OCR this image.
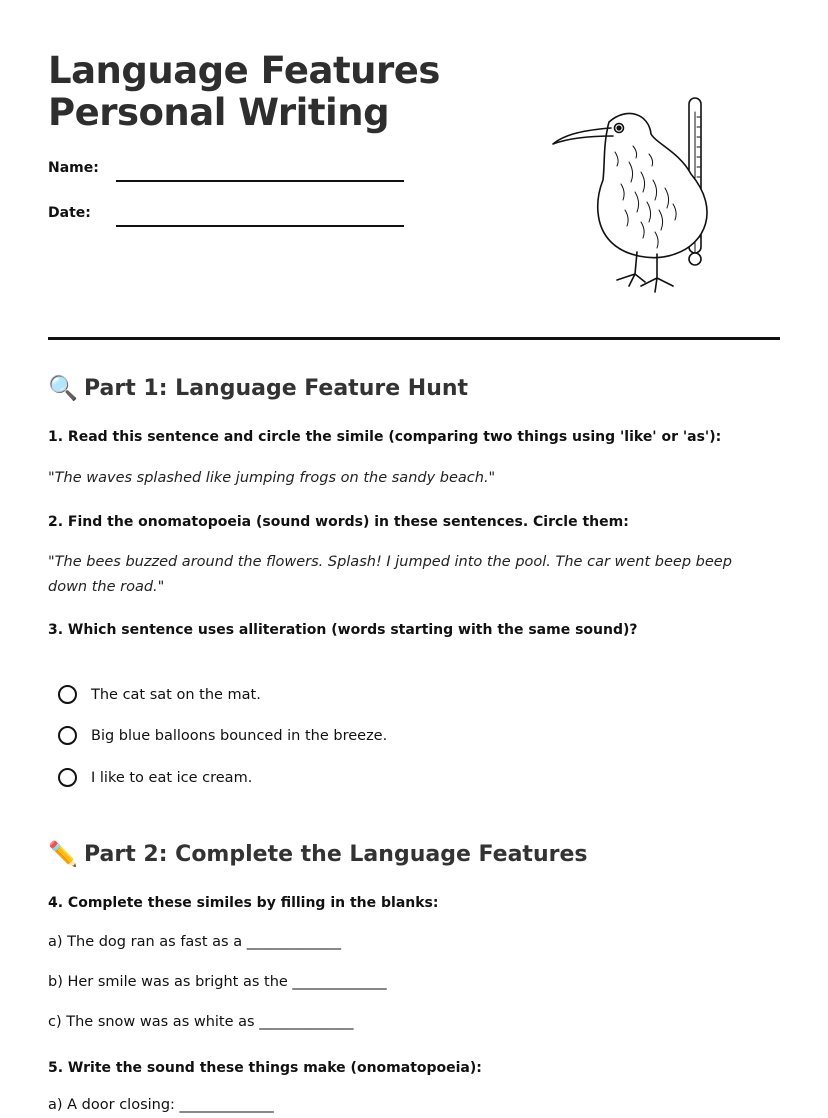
Language Features
Personal Writing
Name:
Date:
🔍 Part 1: Language Feature Hunt

1. Read this sentence and circle the simile (comparing two things using 'like' or 'as'):

"The waves splashed like jumping frogs on the sandy beach."

2. Find the onomatopoeia (sound words) in these sentences. Circle them:

"The bees buzzed around the flowers. Splash! I jumped into the pool. The car went beep beep down the road."

3. Which sentence uses alliteration (words starting with the same sound)?

The cat sat on the mat.
Big blue balloons bounced in the breeze.
I like to eat ice cream.
✏️ Part 2: Complete the Language Features

4. Complete these similes by filling in the blanks:

a) The dog ran as fast as a _____________
b) Her smile was as bright as the _____________
c) The snow was as white as _____________

5. Write the sound these things make (onomatopoeia):

a) A door closing: _____________
